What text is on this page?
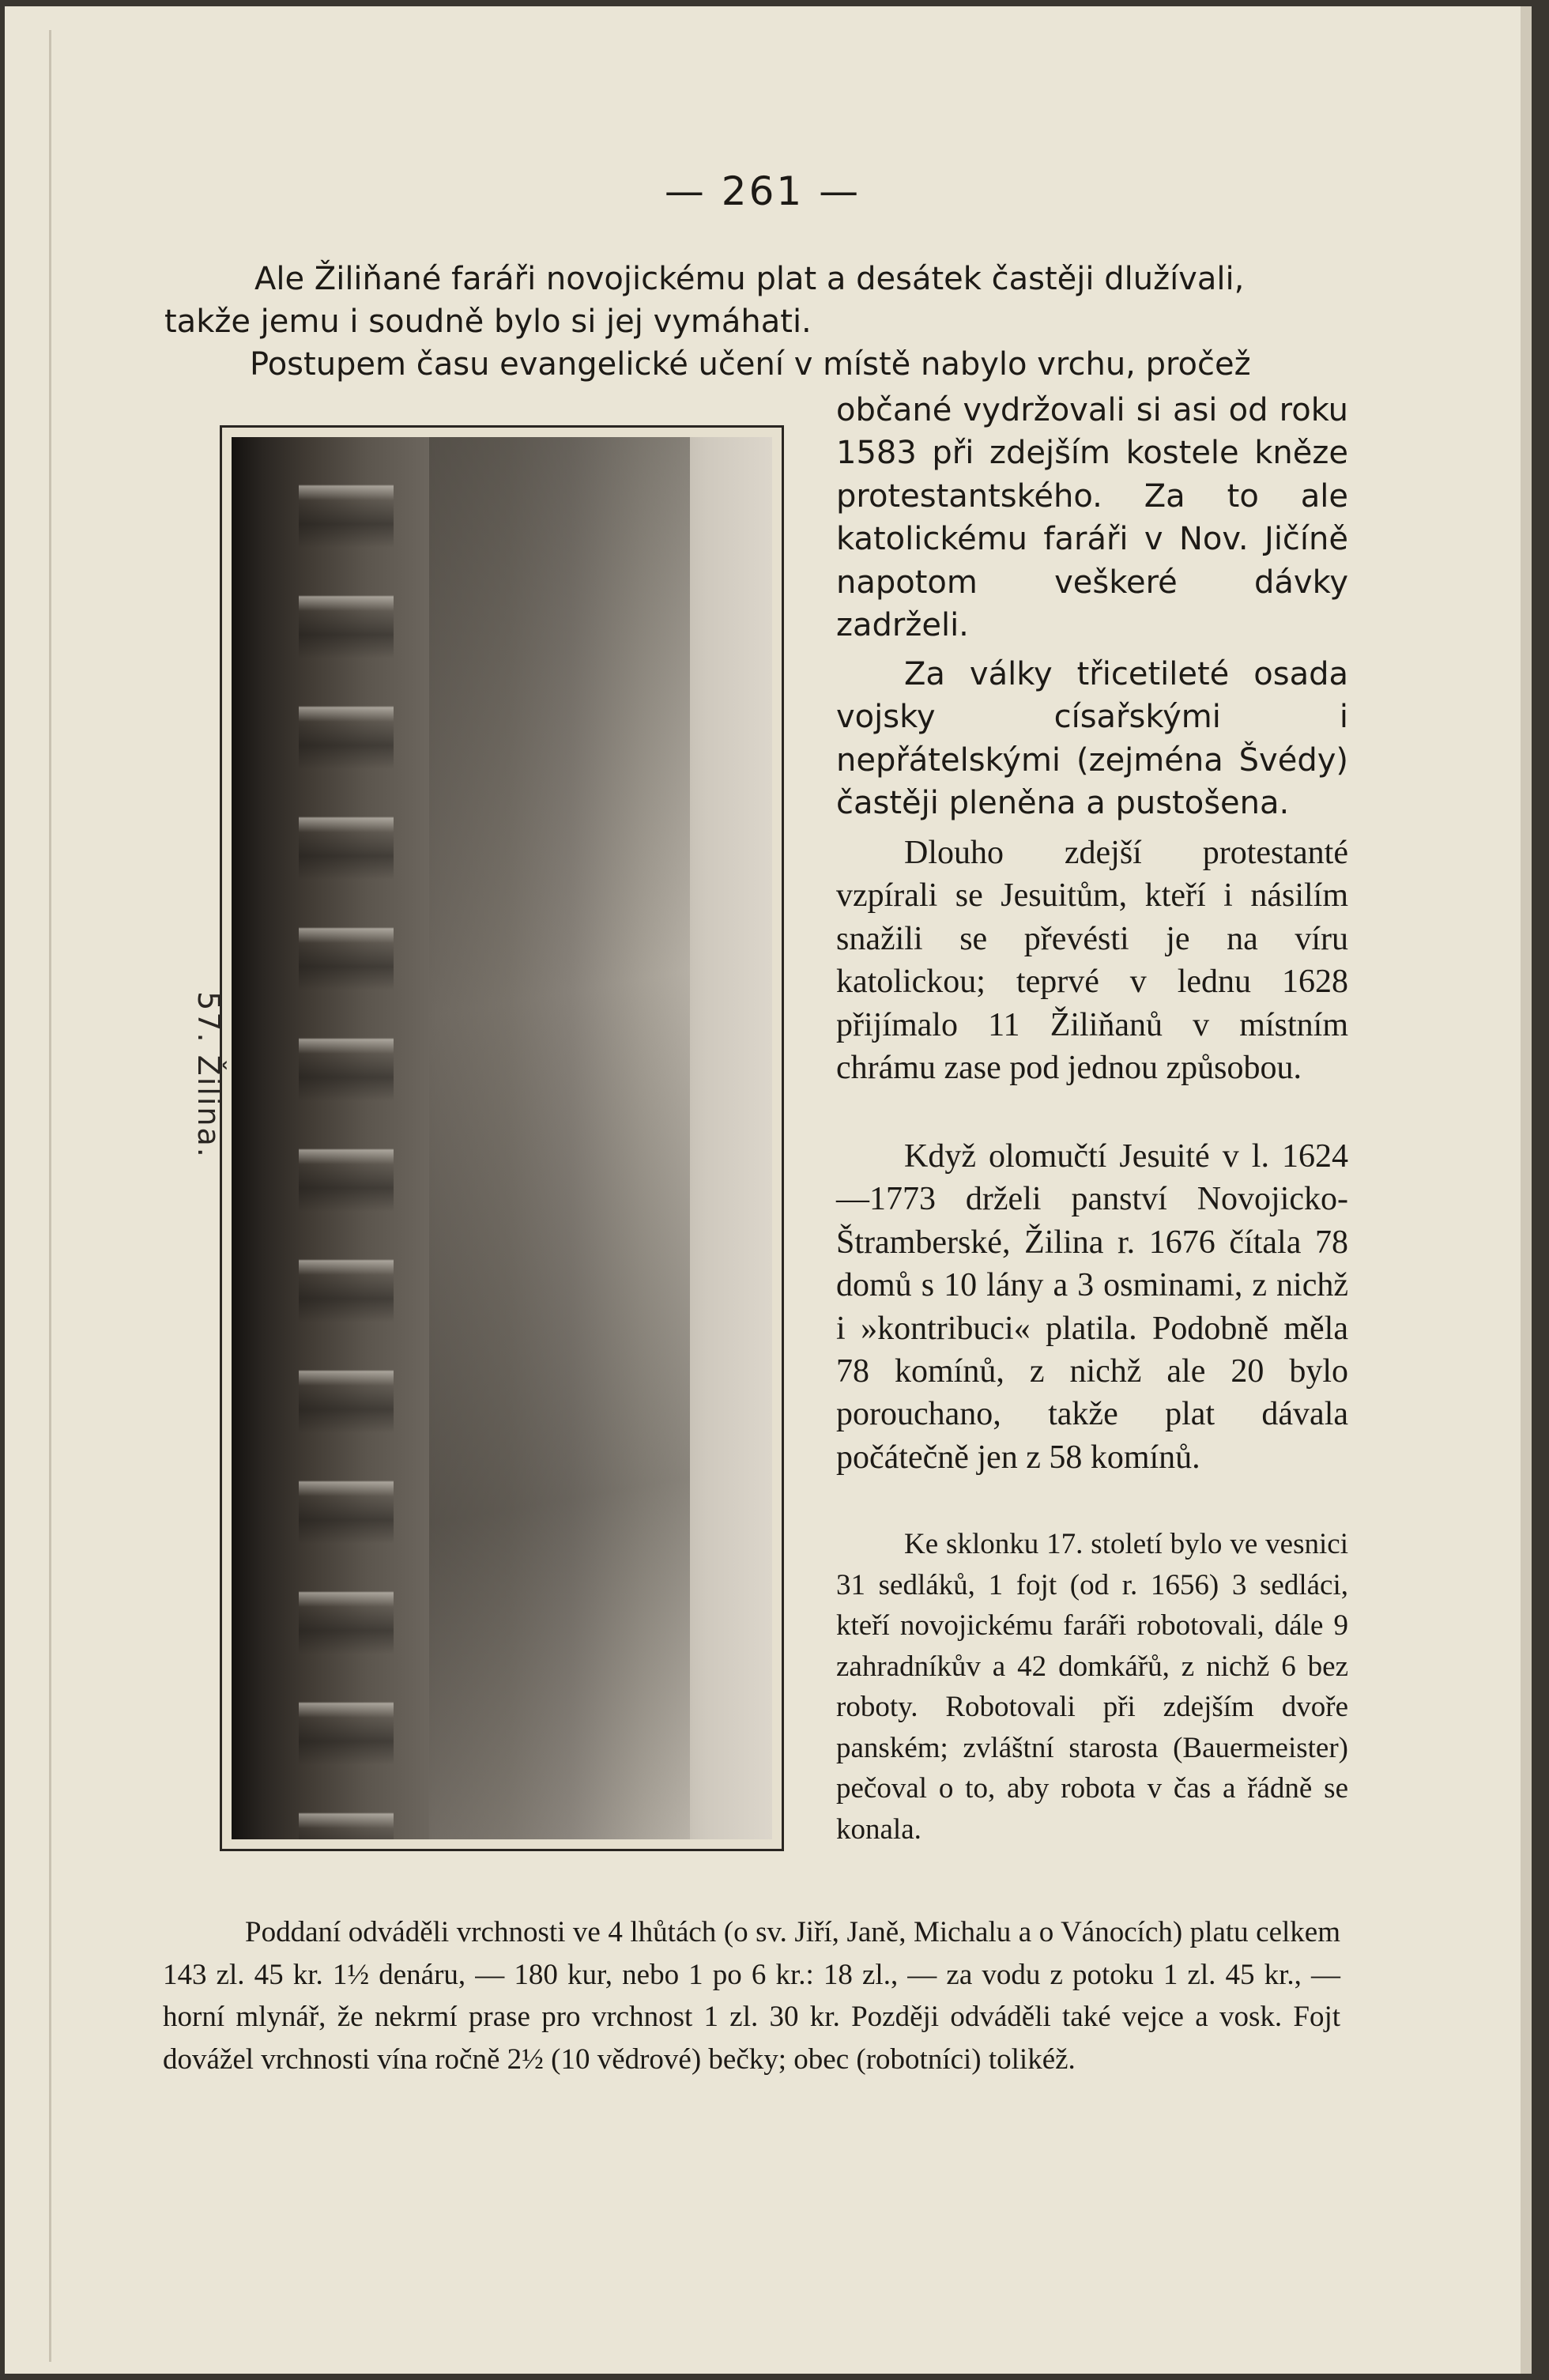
— 261 —

Ale Žiliňané faráři novojickému plat a desátek častěji dlužívali,

takže jemu i soudně bylo si jej vymáhati.

Postupem času evangelické učení v místě nabylo vrchu, pročež

57. Žilina.

občané vydržovali si asi od roku 1583 při zdejším kostele kněze protestantského. Za to ale katolickému faráři v Nov. Jičíně napotom veškeré dávky zadrželi.

Za války třicetileté osada vojsky císařskými i nepřátelskými (zejména Švédy) častěji pleněna a pustošena.

Dlouho zdejší protestanté vzpírali se Jesuitům, kteří i násilím snažili se převésti je na víru katolickou; teprvé v lednu 1628 přijímalo 11 Žiliňanů v místním chrámu zase pod jednou způsobou.

Když olomučtí Jesuité v l. 1624—1773 drželi panství Novojicko-Štramberské, Žilina r. 1676 čítala 78 domů s 10 lány a 3 osminami, z nichž i »kontribuci« platila. Podobně měla 78 komínů, z nichž ale 20 bylo porouchano, takže plat dávala počátečně jen z 58 komínů.

Ke sklonku 17. století bylo ve vesnici 31 sedláků, 1 fojt (od r. 1656) 3 sedláci, kteří novojickému faráři robotovali, dále 9 zahradníkův a 42 domkářů, z nichž 6 bez roboty. Robotovali při zdejším dvoře panském; zvláštní starosta (Bauermeister) pečoval o to, aby robota v čas a řádně se konala.

Poddaní odváděli vrchnosti ve 4 lhůtách (o sv. Jiří, Janě, Michalu a o Vánocích) platu celkem 143 zl. 45 kr. 1½ denáru, — 180 kur, nebo 1 po 6 kr.: 18 zl., — za vodu z potoku 1 zl. 45 kr., — horní mlynář, že nekrmí prase pro vrchnost 1 zl. 30 kr. Později odváděli také vejce a vosk. Fojt dovážel vrchnosti vína ročně 2½ (10 vědrové) bečky; obec (robotníci) tolikéž.
